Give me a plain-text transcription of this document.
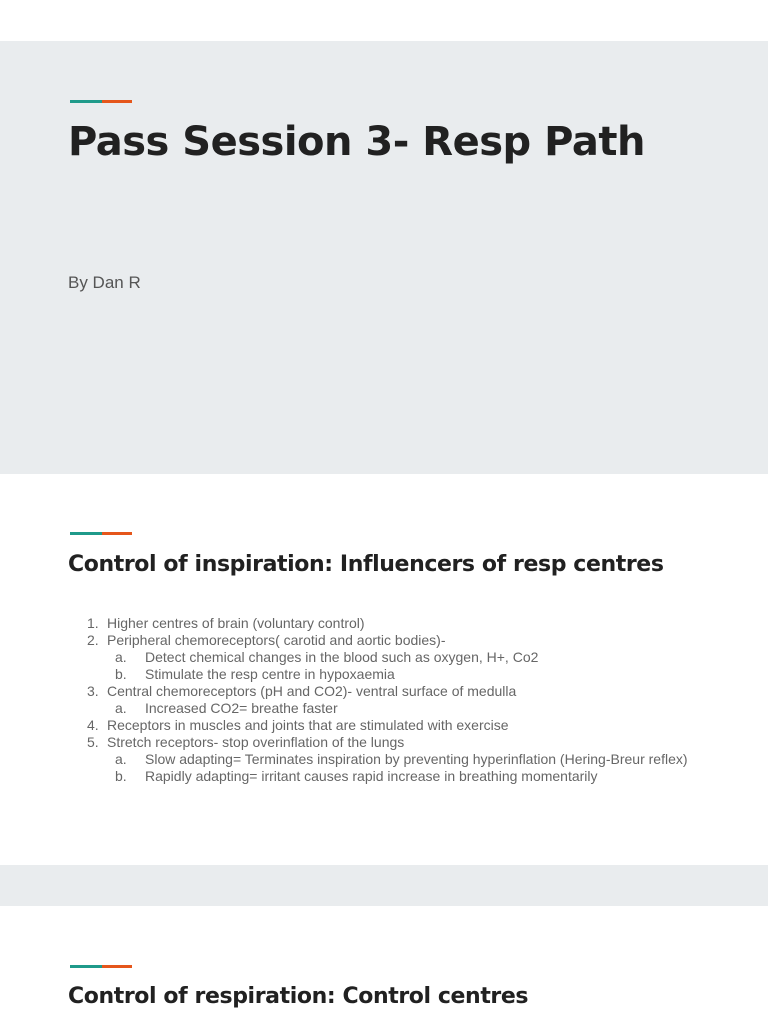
Pass Session 3- Resp Path
By Dan R
Control of inspiration: Influencers of resp centres
1. Higher centres of brain (voluntary control)
2. Peripheral chemoreceptors( carotid and aortic bodies)-
a.	Detect chemical changes in the blood such as oxygen, H+, Co2
b.	Stimulate the resp centre in hypoxaemia
3. Central chemoreceptors (pH and CO2)- ventral surface of medulla
a.	Increased CO2= breathe faster
4. Receptors in muscles and joints that are stimulated with exercise
5. Stretch receptors- stop overinflation of the lungs
a.	Slow adapting= Terminates inspiration by preventing hyperinflation (Hering-Breur reflex)
b.	Rapidly adapting= irritant causes rapid increase in breathing momentarily
Control of respiration: Control centres
